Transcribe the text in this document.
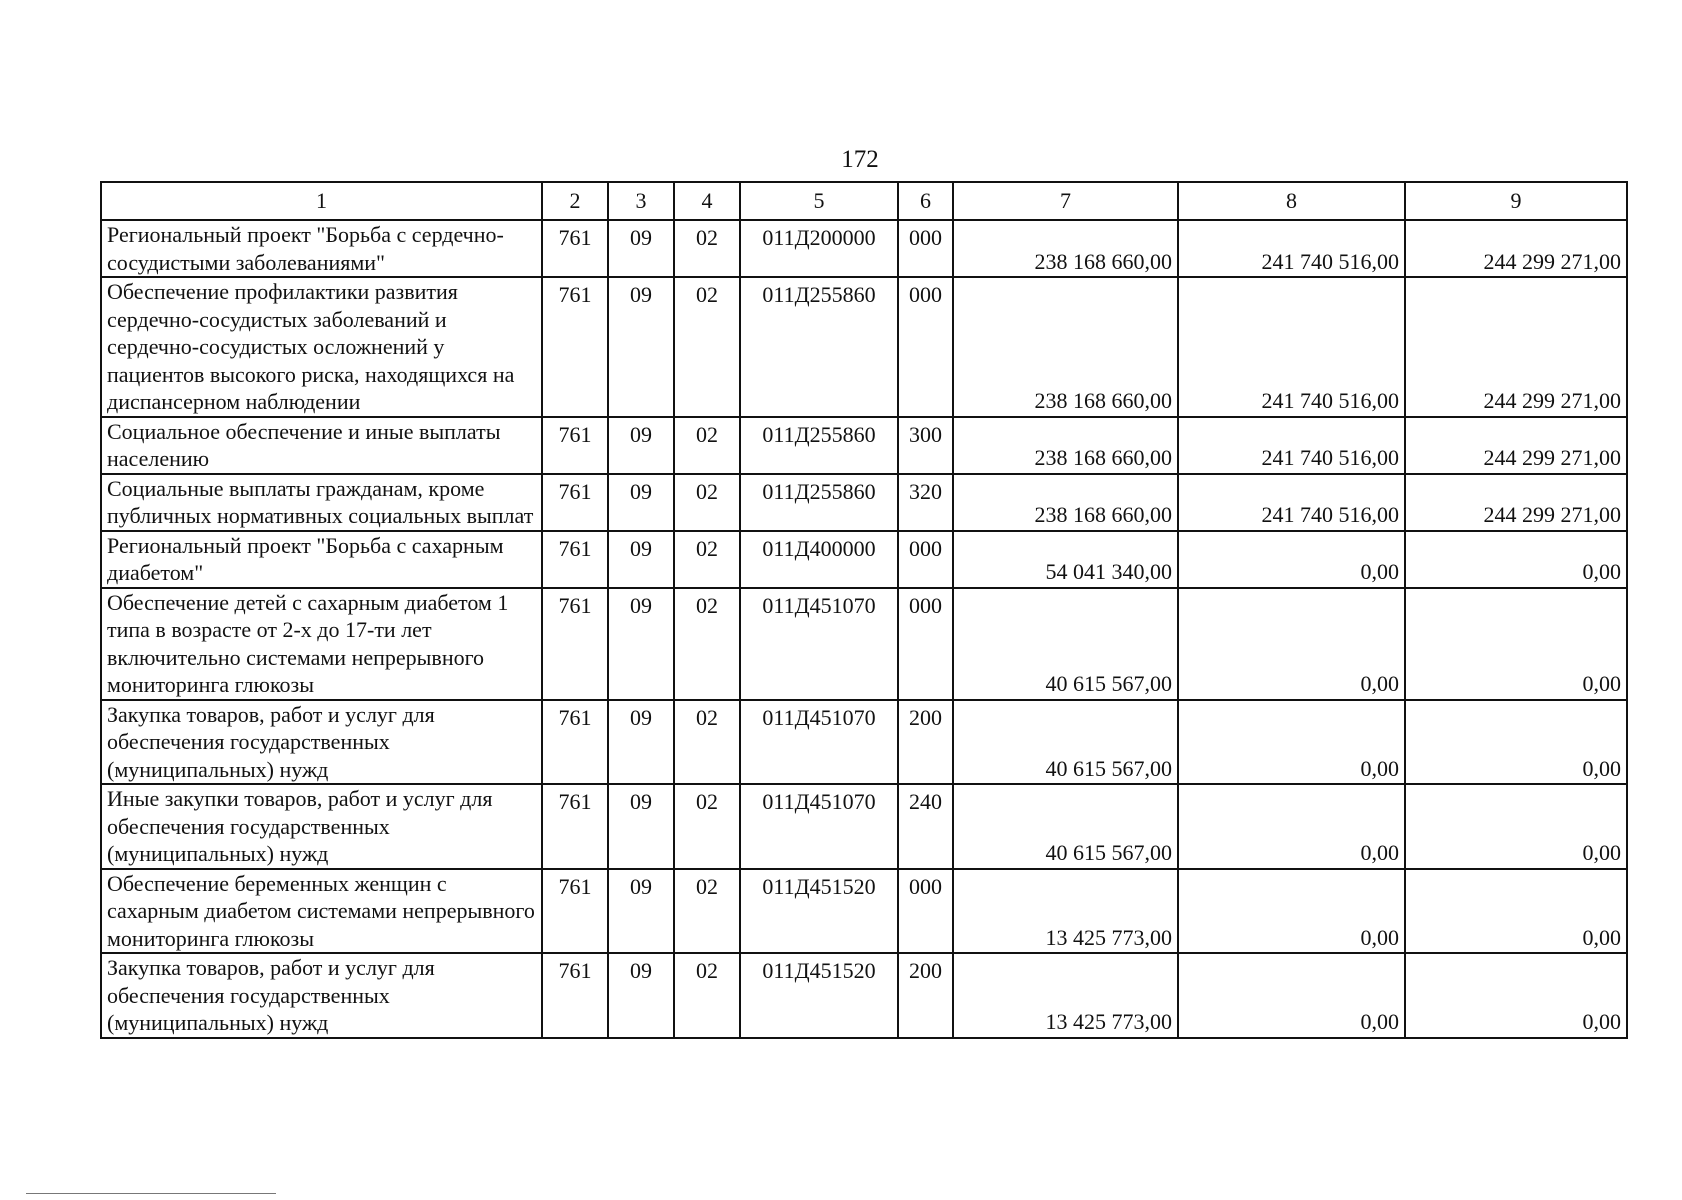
172
1	2	3	4	5	6	7	8	9
Региональный проект "Борьба с сердечно-сосудистыми заболеваниями"	761	09	02	011Д200000	000	238 168 660,00	241 740 516,00	244 299 271,00
Обеспечение профилактики развития сердечно-сосудистых заболеваний и сердечно-сосудистых осложнений у пациентов высокого риска, находящихся на диспансерном наблюдении	761	09	02	011Д255860	000	238 168 660,00	241 740 516,00	244 299 271,00
Социальное обеспечение и иные выплаты населению	761	09	02	011Д255860	300	238 168 660,00	241 740 516,00	244 299 271,00
Социальные выплаты гражданам, кроме публичных нормативных социальных выплат	761	09	02	011Д255860	320	238 168 660,00	241 740 516,00	244 299 271,00
Региональный проект "Борьба с сахарным диабетом"	761	09	02	011Д400000	000	54 041 340,00	0,00	0,00
Обеспечение детей с сахарным диабетом 1 типа в возрасте от 2-х до 17-ти лет включительно системами непрерывного мониторинга глюкозы	761	09	02	011Д451070	000	40 615 567,00	0,00	0,00
Закупка товаров, работ и услуг для обеспечения государственных (муниципальных) нужд	761	09	02	011Д451070	200	40 615 567,00	0,00	0,00
Иные закупки товаров, работ и услуг для обеспечения государственных (муниципальных) нужд	761	09	02	011Д451070	240	40 615 567,00	0,00	0,00
Обеспечение беременных женщин с сахарным диабетом системами непрерывного мониторинга глюкозы	761	09	02	011Д451520	000	13 425 773,00	0,00	0,00
Закупка товаров, работ и услуг для обеспечения государственных (муниципальных) нужд	761	09	02	011Д451520	200	13 425 773,00	0,00	0,00
